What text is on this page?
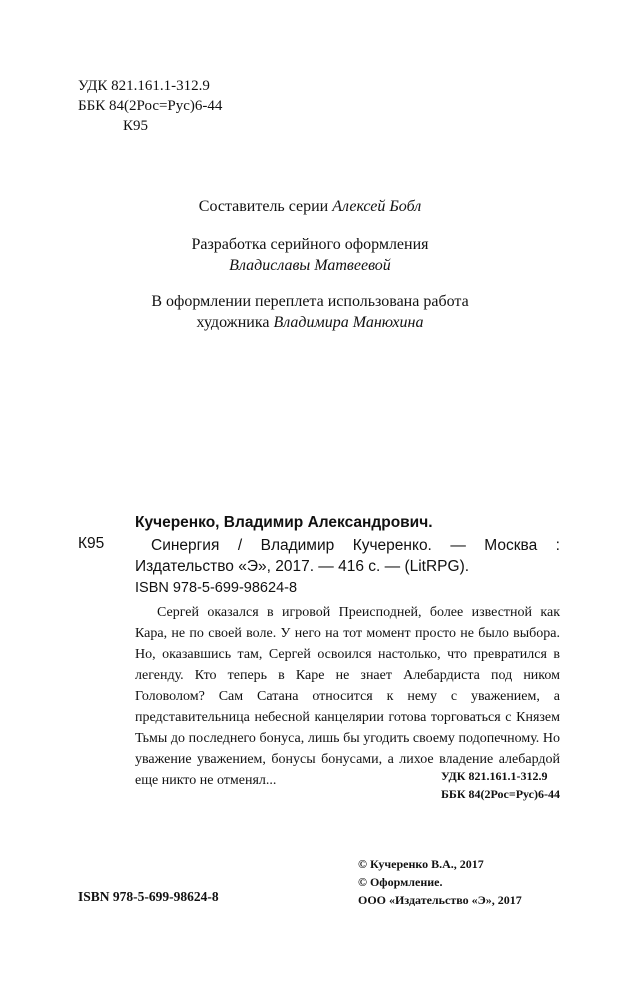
УДК 821.161.1-312.9
ББК 84(2Рос=Рус)6-44
К95
Составитель серии Алексей Бобл
Разработка серийного оформления
Владиславы Матвеевой
В оформлении переплета использована работа
художника Владимира Манюхина
Кучеренко, Владимир Александрович.
К95	Синергия / Владимир Кучеренко. — Москва : Издательство «Э», 2017. — 416 с. — (LitRPG).
ISBN 978-5-699-98624-8
Сергей оказался в игровой Преисподней, более известной как Кара, не по своей воле. У него на тот момент просто не было выбора. Но, оказавшись там, Сергей освоился настолько, что превратился в легенду. Кто теперь в Каре не знает Алебардиста под ником Головолом? Сам Сатана относится к нему с уважением, а представительница небесной канцелярии готова торговаться с Князем Тьмы до последнего бонуса, лишь бы угодить своему подопечному. Но уважение уважением, бонусы бонусами, а лихое владение алебардой еще никто не отменял...	УДК 821.161.1-312.9
ББК 84(2Рос=Рус)6-44
© Кучеренко В.А., 2017
© Оформление.
ООО «Издательство «Э», 2017
ISBN 978-5-699-98624-8
